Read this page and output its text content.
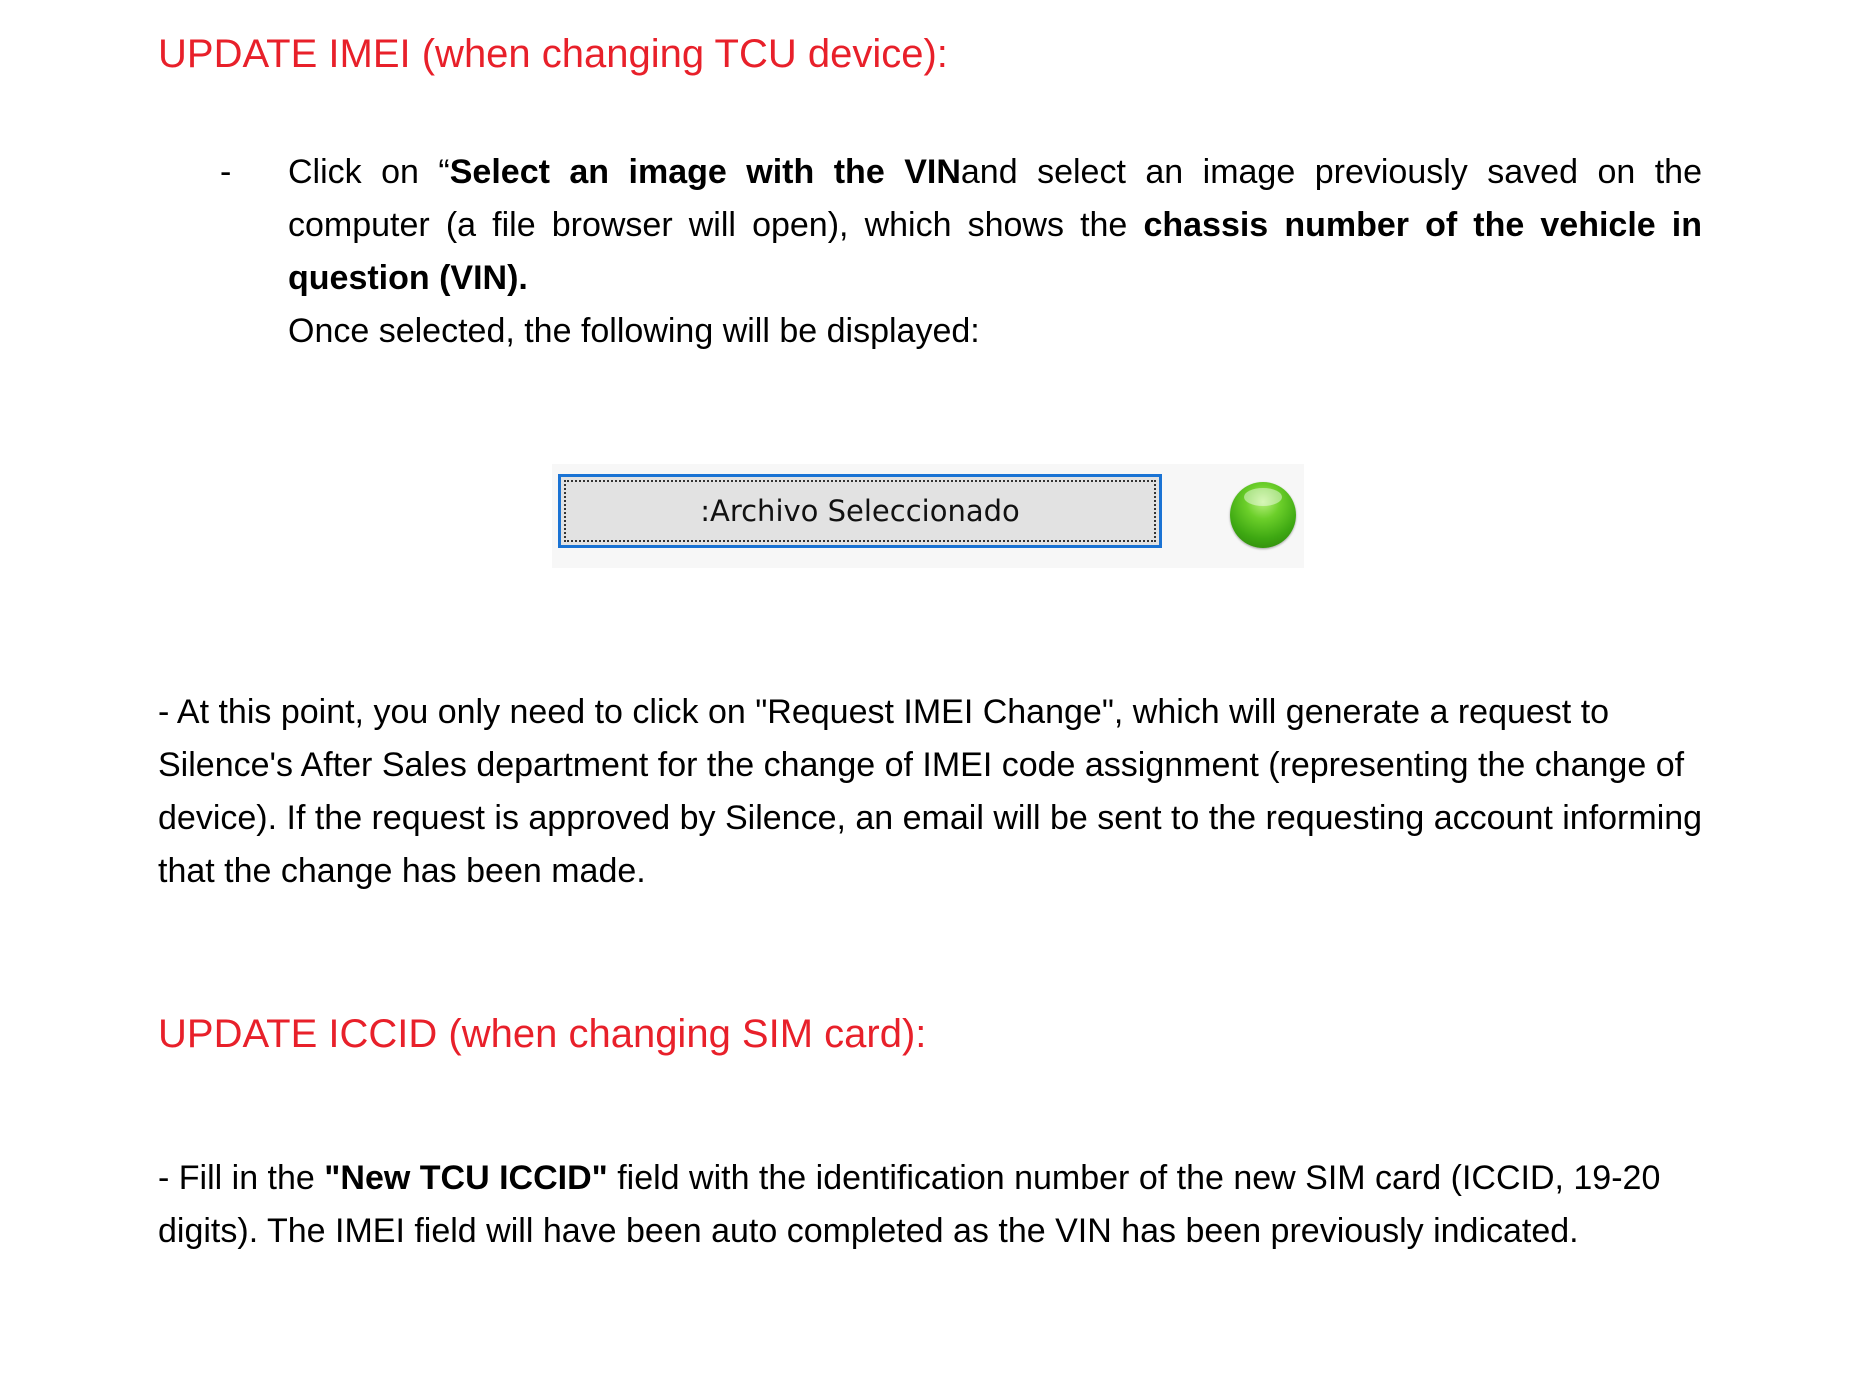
UPDATE IMEI (when changing TCU device):
- Click on “Select an image with the VINand select an image previously saved on the computer (a file browser will open), which shows the chassis number of the vehicle in question (VIN).

Once selected, the following will be displayed:

:Archivo Seleccionado

- At this point, you only need to click on "Request IMEI Change", which will generate a request to Silence's After Sales department for the change of IMEI code assignment (representing the change of device). If the request is approved by Silence, an email will be sent to the requesting account informing that the change has been made.

UPDATE ICCID (when changing SIM card):

- Fill in the "New TCU ICCID" field with the identification number of the new SIM card (ICCID, 19-20 digits). The IMEI field will have been auto completed as the VIN has been previously indicated.
